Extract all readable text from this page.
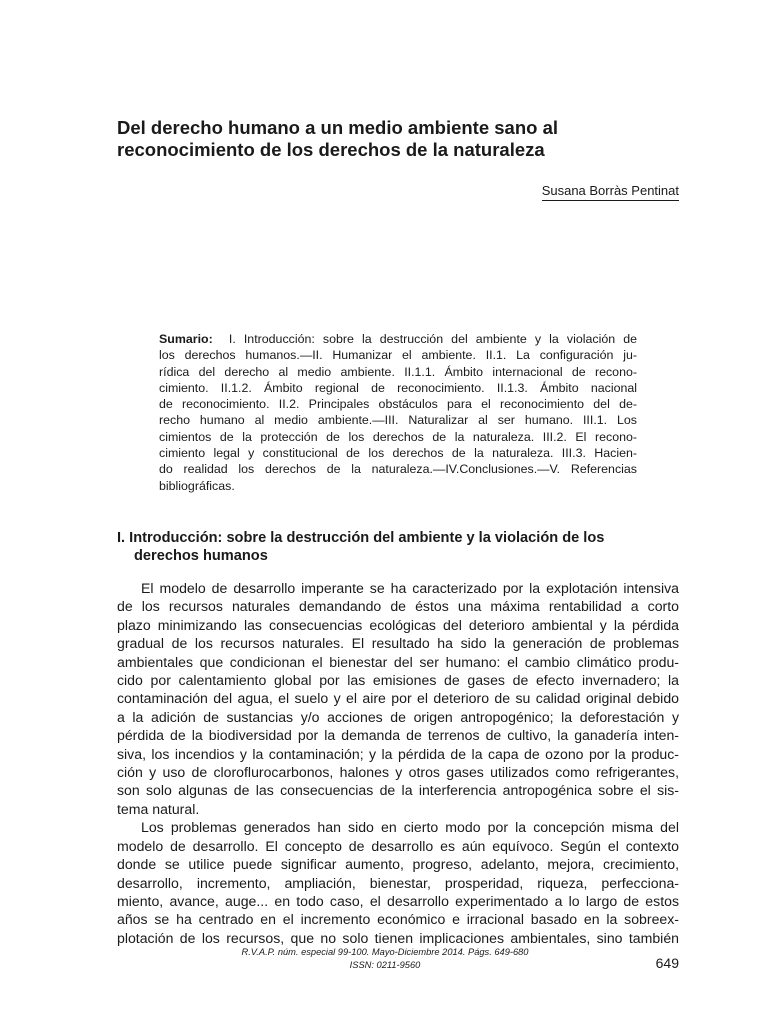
Del derecho humano a un medio ambiente sano al
reconocimiento de los derechos de la naturaleza
Susana Borràs Pentinat
Sumario: I. Introducción: sobre la destrucción del ambiente y la violación de
los derechos humanos.—II. Humanizar el ambiente. II.1. La configuración ju-
rídica del derecho al medio ambiente. II.1.1. Ámbito internacional de recono-
cimiento. II.1.2. Ámbito regional de reconocimiento. II.1.3. Ámbito nacional
de reconocimiento. II.2. Principales obstáculos para el reconocimiento del de-
recho humano al medio ambiente.—III. Naturalizar al ser humano. III.1. Los
cimientos de la protección de los derechos de la naturaleza. III.2. El recono-
cimiento legal y constitucional de los derechos de la naturaleza. III.3. Hacien-
do realidad los derechos de la naturaleza.—IV.Conclusiones.—V. Referencias
bibliográficas.
I. Introducción: sobre la destrucción del ambiente y la violación de los
derechos humanos
El modelo de desarrollo imperante se ha caracterizado por la explotación intensiva
de los recursos naturales demandando de éstos una máxima rentabilidad a corto
plazo minimizando las consecuencias ecológicas del deterioro ambiental y la pérdida
gradual de los recursos naturales. El resultado ha sido la generación de problemas
ambientales que condicionan el bienestar del ser humano: el cambio climático produ-
cido por calentamiento global por las emisiones de gases de efecto invernadero; la
contaminación del agua, el suelo y el aire por el deterioro de su calidad original debido
a la adición de sustancias y/o acciones de origen antropogénico; la deforestación y
pérdida de la biodiversidad por la demanda de terrenos de cultivo, la ganadería inten-
siva, los incendios y la contaminación; y la pérdida de la capa de ozono por la produc-
ción y uso de cloroflurocarbonos, halones y otros gases utilizados como refrigerantes,
son solo algunas de las consecuencias de la interferencia antropogénica sobre el sis-
tema natural.
Los problemas generados han sido en cierto modo por la concepción misma del
modelo de desarrollo. El concepto de desarrollo es aún equívoco. Según el contexto
donde se utilice puede significar aumento, progreso, adelanto, mejora, crecimiento,
desarrollo, incremento, ampliación, bienestar, prosperidad, riqueza, perfecciona-
miento, avance, auge... en todo caso, el desarrollo experimentado a lo largo de estos
años se ha centrado en el incremento económico e irracional basado en la sobreex-
plotación de los recursos, que no solo tienen implicaciones ambientales, sino también
R.V.A.P. núm. especial 99-100. Mayo-Diciembre 2014. Págs. 649-680
ISSN: 0211-9560	649
